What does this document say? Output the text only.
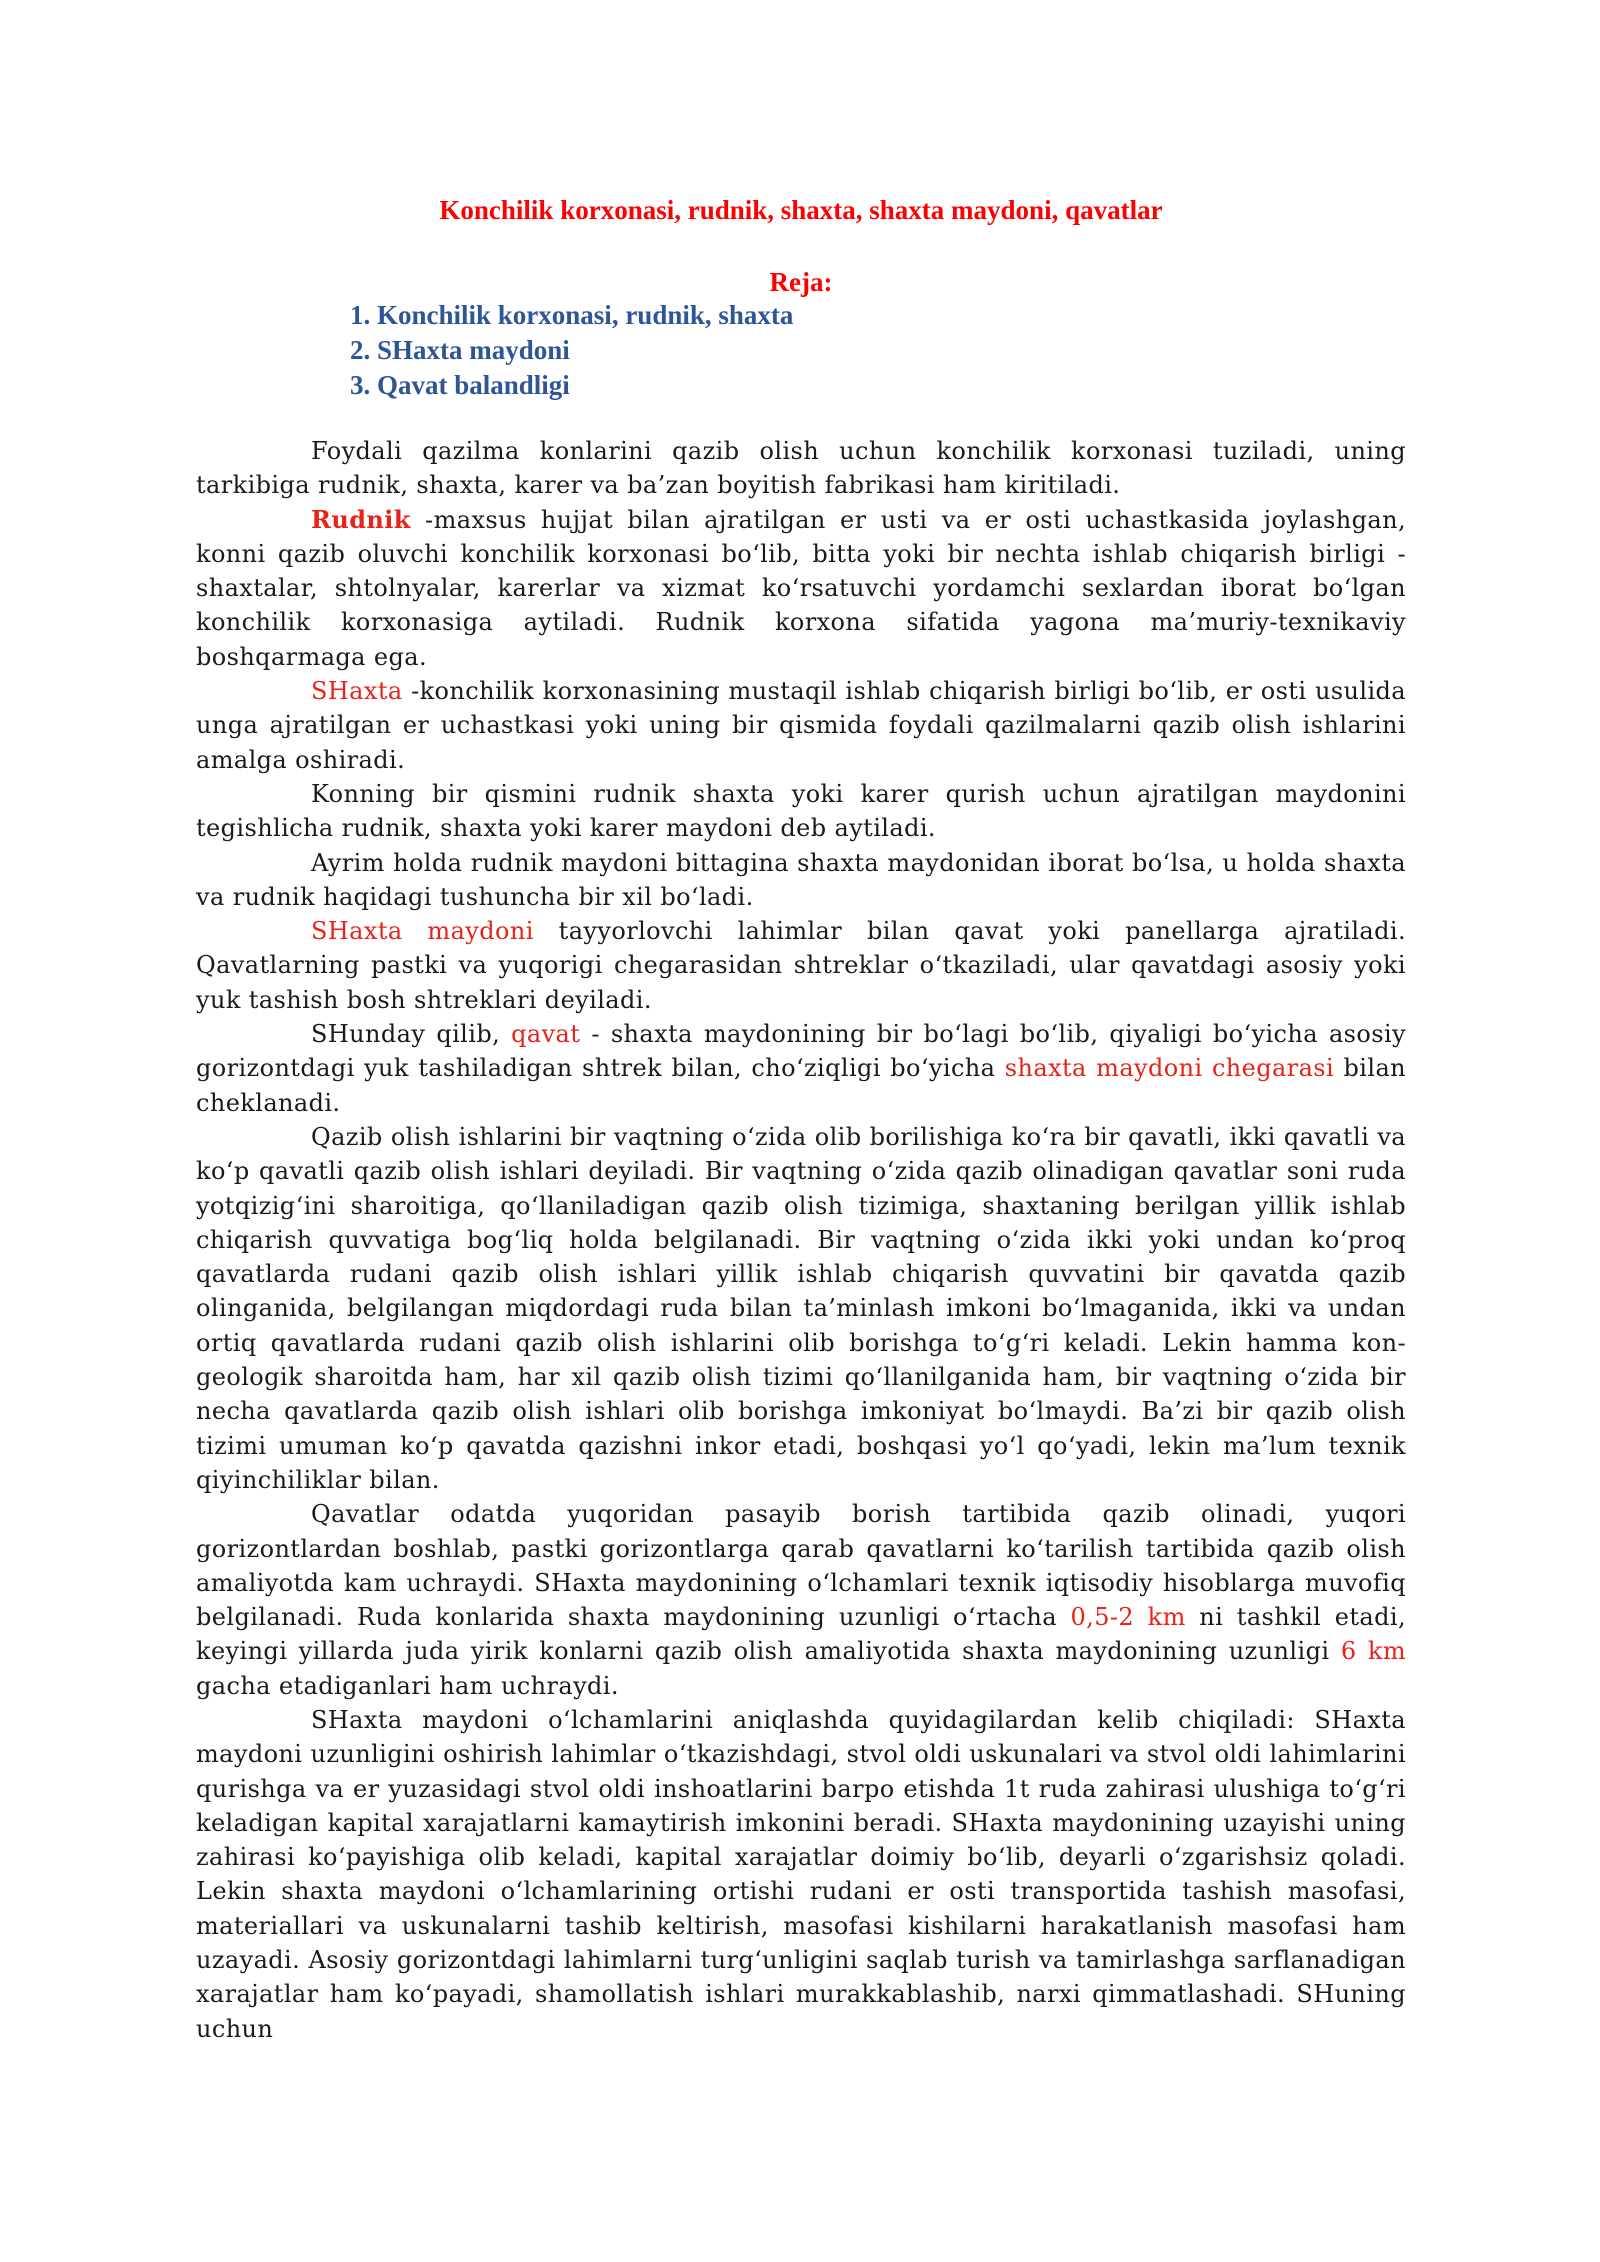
Konchilik korxonasi, rudnik, shaxta, shaxta maydoni, qavatlar
Reja:
1. Konchilik korxonasi, rudnik, shaxta
2. SHaxta maydoni
3. Qavat balandligi

Foydali qazilma konlarini qazib olish uchun konchilik korxonasi tuziladi, uning tarkibiga rudnik, shaxta, karer va ba’zan boyitish fabrikasi ham kiritiladi.

Rudnik -maxsus hujjat bilan ajratilgan er usti va er osti uchastkasida joylashgan, konni qazib oluvchi konchilik korxonasi bo‘lib, bitta yoki bir nechta ishlab chiqarish birligi - shaxtalar, shtolnyalar, karerlar va xizmat ko‘rsatuvchi yordamchi sexlardan iborat bo‘lgan konchilik korxonasiga aytiladi. Rudnik korxona sifatida yagona ma’muriy-texnikaviy boshqarmaga ega.

SHaxta -konchilik korxonasining mustaqil ishlab chiqarish birligi bo‘lib, er osti usulida unga ajratilgan er uchastkasi yoki uning bir qismida foydali qazilmalarni qazib olish ishlarini amalga oshiradi.

Konning bir qismini rudnik shaxta yoki karer qurish uchun ajratilgan maydonini tegishlicha rudnik, shaxta yoki karer maydoni deb aytiladi.

Ayrim holda rudnik maydoni bittagina shaxta maydonidan iborat bo‘lsa, u holda shaxta va rudnik haqidagi tushuncha bir xil bo‘ladi.

SHaxta maydoni tayyorlovchi lahimlar bilan qavat yoki panellarga ajratiladi. Qavatlarning pastki va yuqorigi chegarasidan shtreklar o‘tkaziladi, ular qavatdagi asosiy yoki yuk tashish bosh shtreklari deyiladi.

SHunday qilib, qavat - shaxta maydonining bir bo‘lagi bo‘lib, qiyaligi bo‘yicha asosiy gorizontdagi yuk tashiladigan shtrek bilan, cho‘ziqligi bo‘yicha shaxta maydoni chegarasi bilan cheklanadi.

Qazib olish ishlarini bir vaqtning o‘zida olib borilishiga ko‘ra bir qavatli, ikki qavatli va ko‘p qavatli qazib olish ishlari deyiladi. Bir vaqtning o‘zida qazib olinadigan qavatlar soni ruda yotqizig‘ini sharoitiga, qo‘llaniladigan qazib olish tizimiga, shaxtaning berilgan yillik ishlab chiqarish quvvatiga bog‘liq holda belgilanadi. Bir vaqtning o‘zida ikki yoki undan ko‘proq qavatlarda rudani qazib olish ishlari yillik ishlab chiqarish quvvatini bir qavatda qazib olinganida, belgilangan miqdordagi ruda bilan ta’minlash imkoni bo‘lmaganida, ikki va undan ortiq qavatlarda rudani qazib olish ishlarini olib borishga to‘g‘ri keladi. Lekin hamma kon-geologik sharoitda ham, har xil qazib olish tizimi qo‘llanilganida ham, bir vaqtning o‘zida bir necha qavatlarda qazib olish ishlari olib borishga imkoniyat bo‘lmaydi. Ba’zi bir qazib olish tizimi umuman ko‘p qavatda qazishni inkor etadi, boshqasi yo‘l qo‘yadi, lekin ma’lum texnik qiyinchiliklar bilan.

Qavatlar odatda yuqoridan pasayib borish tartibida qazib olinadi, yuqori gorizontlardan boshlab, pastki gorizontlarga qarab qavatlarni ko‘tarilish tartibida qazib olish amaliyotda kam uchraydi. SHaxta maydonining o‘lchamlari texnik iqtisodiy hisoblarga muvofiq belgilanadi. Ruda konlarida shaxta maydonining uzunligi o‘rtacha 0,5-2 km ni tashkil etadi, keyingi yillarda juda yirik konlarni qazib olish amaliyotida shaxta maydonining uzunligi 6 km gacha etadiganlari ham uchraydi.

SHaxta maydoni o‘lchamlarini aniqlashda quyidagilardan kelib chiqiladi: SHaxta maydoni uzunligini oshirish lahimlar o‘tkazishdagi, stvol oldi uskunalari va stvol oldi lahimlarini qurishga va er yuzasidagi stvol oldi inshoatlarini barpo etishda 1t ruda zahirasi ulushiga to‘g‘ri keladigan kapital xarajatlarni kamaytirish imkonini beradi. SHaxta maydonining uzayishi uning zahirasi ko‘payishiga olib keladi, kapital xarajatlar doimiy bo‘lib, deyarli o‘zgarishsiz qoladi. Lekin shaxta maydoni o‘lchamlarining ortishi rudani er osti transportida tashish masofasi, materiallari va uskunalarni tashib keltirish, masofasi kishilarni harakatlanish masofasi ham uzayadi. Asosiy gorizontdagi lahimlarni turg‘unligini saqlab turish va tamirlashga sarflanadigan xarajatlar ham ko‘payadi, shamollatish ishlari murakkablashib, narxi qimmatlashadi. SHuning uchun
